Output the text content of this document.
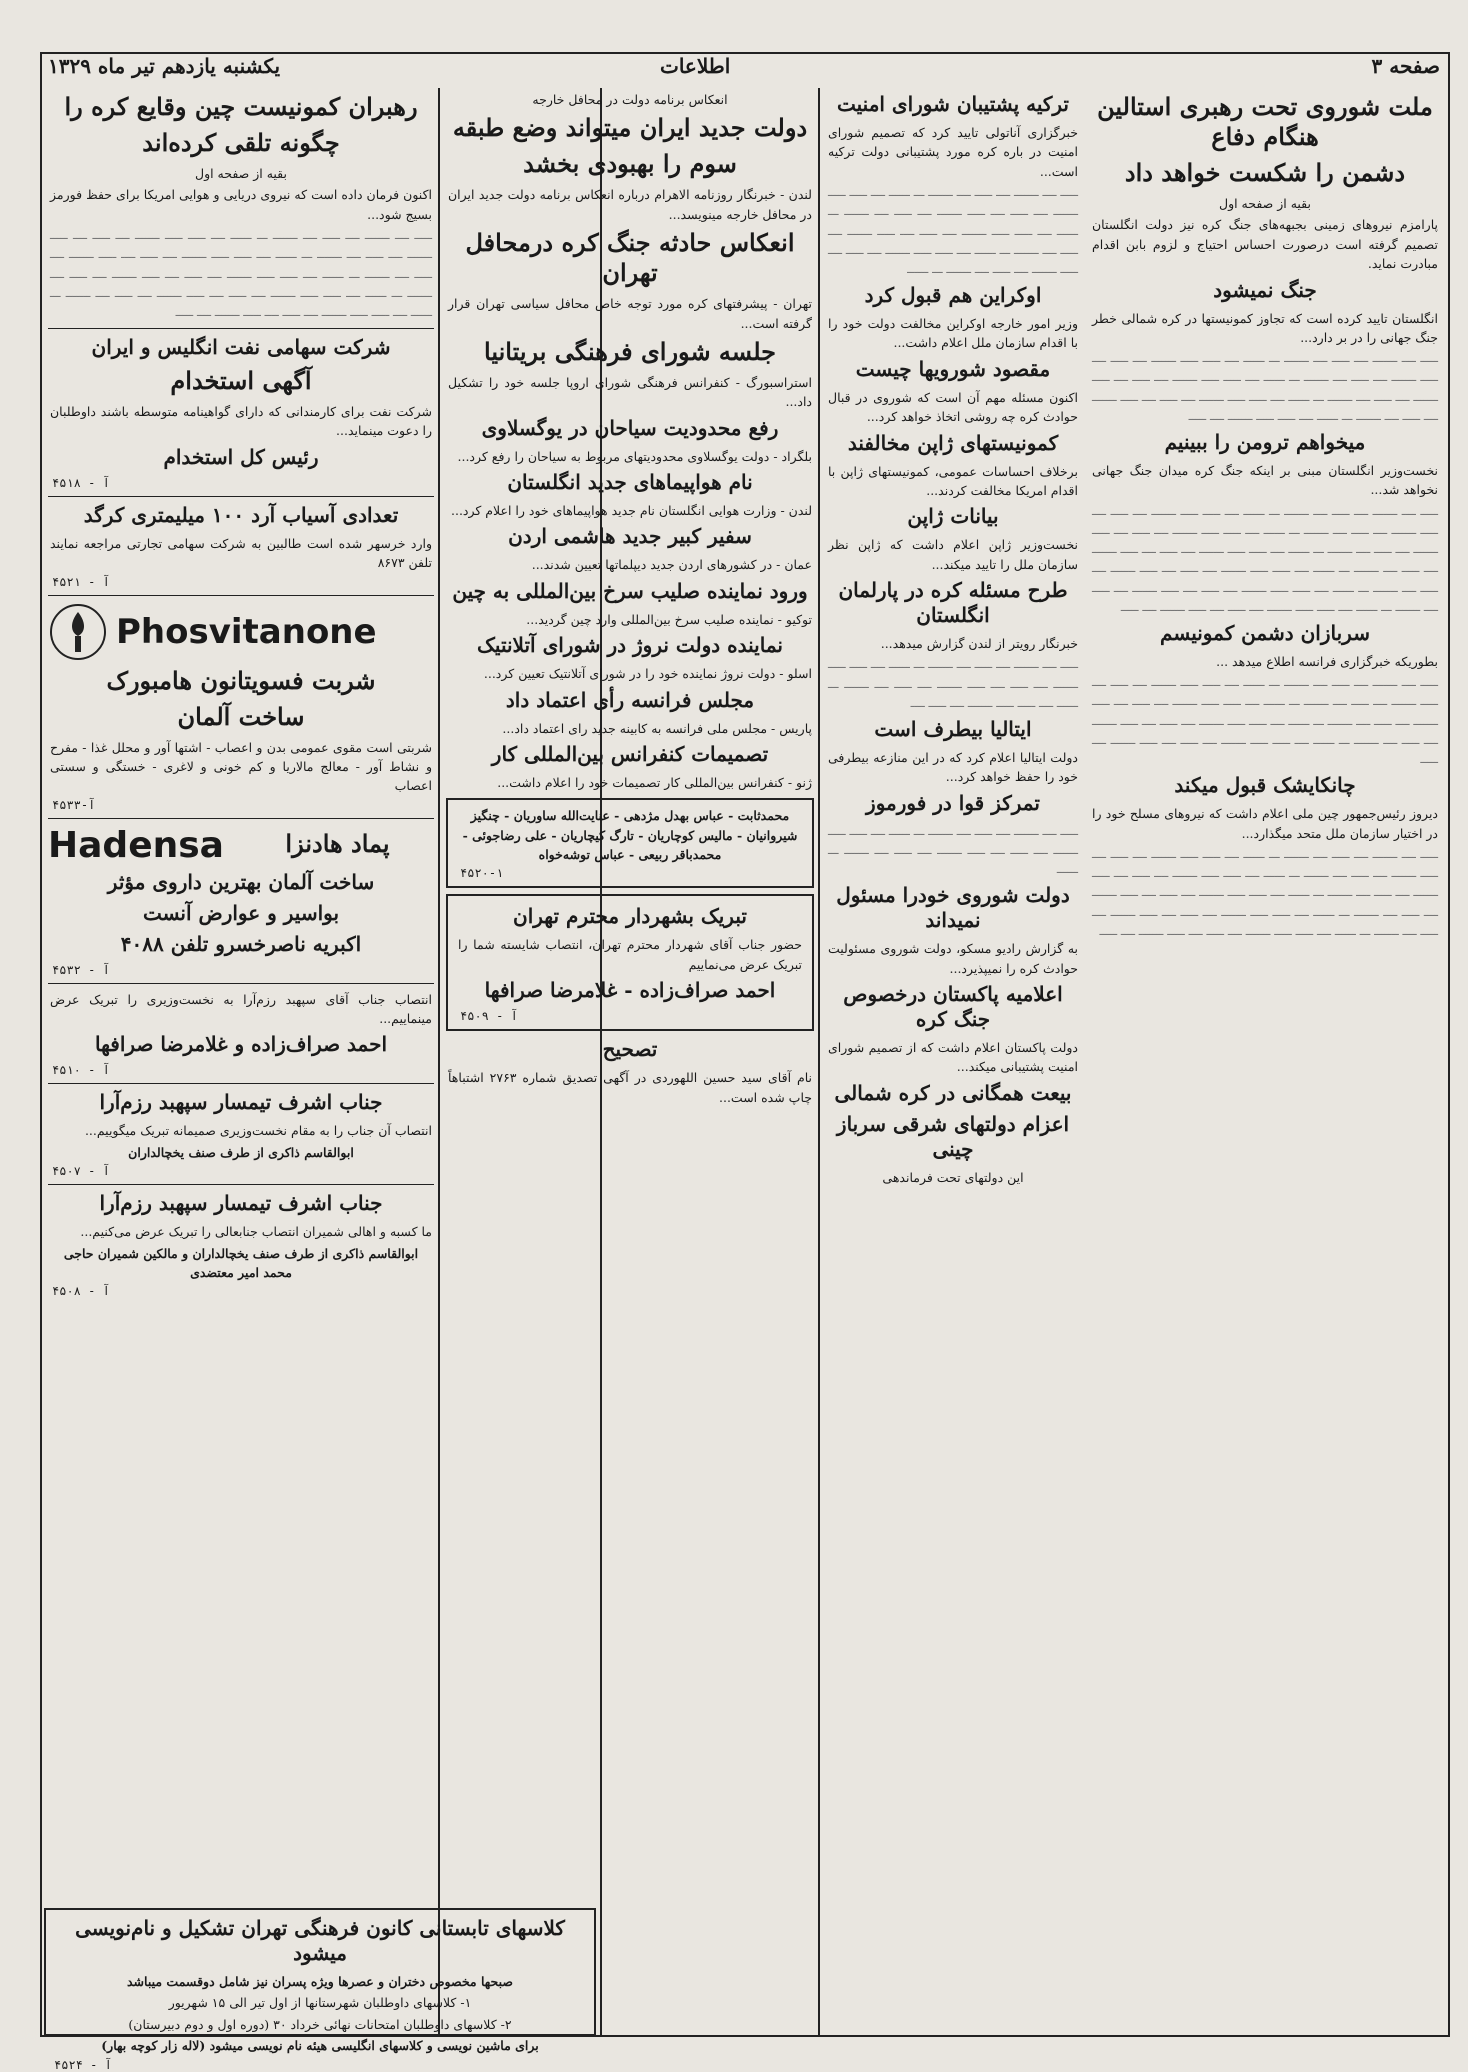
یکشنبه یازدهم تیر ماه ۱۳۲۹	اطلاعات	صفحه ۳
ملت شوروی تحت رهبری استالین هنگام دفاع
دشمن را شکست خواهد داد
بقیه از صفحه اول
پارامزم نیروهای زمینی بجبهه‌های جنگ کره نیز دولت انگلستان تصمیم گرفته است درصورت احساس احتیاج و لزوم بابن اقدام مبادرت نماید.
جنگ نمیشود
انگلستان تایید کرده است که تجاوز کمونیستها در کره شمالی خطر جنگ جهانی را در بر دارد...
ـــــ ــــ ـــــــ ــــ ـــــ ــــ ـــــــ ـــ ــــــ ــــ ـــــ ـــــ ـــــــ ــــ ـــــ ــــ ـــــ ـــــــ ــــ ـــــ ــــ ـــــــ ـــ ــــــ ــــ ـــــ ـــــ ـــــــ ــــ ـــــ ــــ ـــــ ـــــــ ــــ ـــــ ــــ ـــــــ ـــ ــــــ ــــ ـــــ ـــــ ـــــــ ــــ ـــــ ــــ ـــــ ـــــــ ــــ ـــــ ــــ ـــــــ ـــ ــــــ ــــ ـــــ ـــــ ـــــــ ــــ ـــــ
میخواهم ترومن را ببینیم
نخست‌وزیر انگلستان مبنی بر اینکه جنگ کره میدان جنگ جهانی نخواهد شد...
ـــــ ــــ ـــــــ ــــ ـــــ ــــ ـــــــ ـــ ــــــ ــــ ـــــ ـــــ ـــــــ ــــ ـــــ ــــ ـــــ ـــــــ ــــ ـــــ ــــ ـــــــ ـــ ــــــ ــــ ـــــ ـــــ ـــــــ ــــ ـــــ ــــ ـــــ ـــــــ ــــ ـــــ ــــ ـــــــ ـــ ــــــ ــــ ـــــ ـــــ ـــــــ ــــ ـــــ ــــ ـــــ ـــــــ ــــ ـــــ ــــ ـــــــ ـــ ــــــ ــــ ـــــ ـــــ ـــــــ ــــ ـــــ ــــ ـــــ ـــــــ ــــ ـــــ ــــ ـــــــ ـــ ــــــ ــــ ـــــ ـــــ ـــــــ ــــ ـــــ ــــ ـــــ ـــــــ ــــ ـــــ ــــ ـــــــ ـــ ــــــ ــــ ـــــ ـــــ ـــــــ ــــ ـــــ ــــ ـــــ ـــــــ ــــ ـــــ
سربازان دشمن کمونیسم
بطوریکه خبرگزاری فرانسه اطلاع میدهد ...
ـــــ ــــ ـــــــ ــــ ـــــ ــــ ـــــــ ـــ ــــــ ــــ ـــــ ـــــ ـــــــ ــــ ـــــ ــــ ـــــ ـــــــ ــــ ـــــ ــــ ـــــــ ـــ ــــــ ــــ ـــــ ـــــ ـــــــ ــــ ـــــ ــــ ـــــ ـــــــ ــــ ـــــ ــــ ـــــــ ـــ ــــــ ــــ ـــــ ـــــ ـــــــ ــــ ـــــ ــــ ـــــ ـــــــ ــــ ـــــ ــــ ـــــــ ـــ ــــــ ــــ ـــــ ـــــ ـــــــ ــــ ـــــ ــــ ـــــ ـــــــ ــــ ـــــ
چانکایشک قبول میکند
دیروز رئیس‌جمهور چین ملی اعلام داشت که نیروهای مسلح خود را در اختیار سازمان ملل متحد میگذارد...
ـــــ ــــ ـــــــ ــــ ـــــ ــــ ـــــــ ـــ ــــــ ــــ ـــــ ـــــ ـــــــ ــــ ـــــ ــــ ـــــ ـــــــ ــــ ـــــ ــــ ـــــــ ـــ ــــــ ــــ ـــــ ـــــ ـــــــ ــــ ـــــ ــــ ـــــ ـــــــ ــــ ـــــ ــــ ـــــــ ـــ ــــــ ــــ ـــــ ـــــ ـــــــ ــــ ـــــ ــــ ـــــ ـــــــ ــــ ـــــ ــــ ـــــــ ـــ ــــــ ــــ ـــــ ـــــ ـــــــ ــــ ـــــ ــــ ـــــ ـــــــ ــــ ـــــ ــــ ـــــــ ـــ ــــــ ــــ ـــــ ـــــ ـــــــ ــــ ـــــ ــــ ـــــ ـــــــ ــــ ـــــ
ترکیه پشتیبان شورای امنیت
خبرگزاری آناتولی تایید کرد که تصمیم شورای امنیت در باره کره مورد پشتیبانی دولت ترکیه است...
ـــــ ــــ ـــــــ ــــ ـــــ ــــ ـــــــ ـــ ــــــ ــــ ـــــ ـــــ ـــــــ ــــ ـــــ ــــ ـــــ ـــــــ ــــ ـــــ ــــ ـــــــ ـــ ــــــ ــــ ـــــ ـــــ ـــــــ ــــ ـــــ ــــ ـــــ ـــــــ ــــ ـــــ ــــ ـــــــ ـــ ــــــ ــــ ـــــ ـــــ ـــــــ ــــ ـــــ ــــ ـــــ ـــــــ ــــ ـــــ ــــ ـــــــ ـــ ــــــ
اوکراین هم قبول کرد
وزیر امور خارجه اوکراین مخالفت دولت خود را با اقدام سازمان ملل اعلام داشت...
مقصود شورویها چیست
اکنون مسئله مهم آن است که شوروی در قبال حوادث کره چه روشی اتخاذ خواهد کرد...
کمونیستهای ژاپن مخالفند
برخلاف احساسات عمومی، کمونیستهای ژاپن با اقدام امریکا مخالفت کردند...
بیانات ژاپن
نخست‌وزیر ژاپن اعلام داشت که ژاپن نظر سازمان ملل را تایید میکند...
طرح مسئله کره در پارلمان انگلستان
خبرنگار رویتر از لندن گزارش میدهد...
ـــــ ــــ ـــــــ ــــ ـــــ ــــ ـــــــ ـــ ــــــ ــــ ـــــ ـــــ ـــــــ ــــ ـــــ ــــ ـــــ ـــــــ ــــ ـــــ ــــ ـــــــ ـــ ــــــ ــــ ـــــ ـــــ ـــــــ ــــ ـــــ ــــ
ایتالیا بیطرف است
دولت ایتالیا اعلام کرد که در این منازعه بیطرفی خود را حفظ خواهد کرد...
تمرکز قوا در فورموز
ـــــ ــــ ـــــــ ــــ ـــــ ــــ ـــــــ ـــ ــــــ ــــ ـــــ ـــــ ـــــــ ــــ ـــــ ــــ ـــــ ـــــــ ــــ ـــــ ــــ ـــــــ ـــ ــــــ
دولت شوروی خودرا مسئول نمیداند
به گزارش رادیو مسکو، دولت شوروی مسئولیت حوادث کره را نمیپذیرد...
اعلامیه پاکستان درخصوص جنگ کره
دولت پاکستان اعلام داشت که از تصمیم شورای امنیت پشتیبانی میکند...
بیعت همگانی در کره شمالی
اعزام دولتهای شرقی سرباز چینی
این دولتهای تحت فرماندهی
انعکاس برنامه دولت در محافل خارجه
دولت جدید ایران میتواند وضع طبقه
سوم را بهبودی بخشد
لندن - خبرنگار روزنامه الاهرام درباره انعکاس برنامه دولت جدید ایران در محافل خارجه مینویسد...
انعکاس حادثه جنگ کره درمحافل تهران
تهران - پیشرفتهای کره مورد توجه خاص محافل سیاسی تهران قرار گرفته است...
جلسه شورای فرهنگی بریتانیا
استراسبورگ - کنفرانس فرهنگی شورای اروپا جلسه خود را تشکیل داد...
رفع محدودیت سیاحان در یوگسلاوی
بلگراد - دولت یوگسلاوی محدودیتهای مربوط به سیاحان را رفع کرد...
نام هواپیماهای جدید انگلستان
لندن - وزارت هوایی انگلستان نام جدید هواپیماهای خود را اعلام کرد...
سفیر کبیر جدید هاشمی اردن
عمان - در کشورهای اردن جدید دیپلماتها تعیین شدند...
ورود نماینده صلیب سرخ بین‌المللی به چین
توکیو - نماینده صلیب سرخ بین‌المللی وارد چین گردید...
نماینده دولت نروژ در شورای آتلانتیک
اسلو - دولت نروژ نماینده خود را در شورای آتلانتیک تعیین کرد...
مجلس فرانسه رأی اعتماد داد
پاریس - مجلس ملی فرانسه به کابینه جدید رای اعتماد داد...
تصمیمات کنفرانس بین‌المللی کار
ژنو - کنفرانس بین‌المللی کار تصمیمات خود را اعلام داشت...
محمدثابت - عباس بهدل مژدهی - عنایت‌الله ساوریان - چنگیز شیروانیان - مالیس کوچاریان - تارگ کیچاریان - علی رضاجوئی - محمدباقر ربیعی - عباس توشه‌خواه
۴۵۲۰-۱
تبریک بشهردار محترم تهران
حضور جناب آقای شهردار محترم تهران، انتصاب شایسته شما را تبریک عرض می‌نماییم
احمد صراف‌زاده - غلامرضا صرافها
آ - ۴۵۰۹
تصحیح
نام آقای سید حسین اللهوردی در آگهی تصدیق شماره ۲۷۶۳ اشتباهاً چاپ شده است...
رهبران کمونیست چین وقایع کره را
چگونه تلقی کرده‌اند
بقیه از صفحه اول
اکنون فرمان داده است که نیروی دریایی و هوایی امریکا برای حفظ فورمز بسیج شود...
ـــــ ــــ ـــــــ ــــ ـــــ ــــ ـــــــ ـــ ــــــ ــــ ـــــ ـــــ ـــــــ ــــ ـــــ ــــ ـــــ ـــــــ ــــ ـــــ ــــ ـــــــ ـــ ــــــ ــــ ـــــ ـــــ ـــــــ ــــ ـــــ ــــ ـــــ ـــــــ ــــ ـــــ ــــ ـــــــ ـــ ــــــ ــــ ـــــ ـــــ ـــــــ ــــ ـــــ ــــ ـــــ ـــــــ ــــ ـــــ ــــ ـــــــ ـــ ــــــ ــــ ـــــ ـــــ ـــــــ ــــ ـــــ ــــ ـــــ ـــــــ ــــ ـــــ ــــ ـــــــ ـــ ــــــ ــــ ـــــ ـــــ ـــــــ ــــ ـــــ ــــ ـــــ ـــــــ ــــ ـــــ
شرکت سهامی نفت انگلیس و ایران
آگهی استخدام
شرکت نفت برای کارمندانی که دارای گواهینامه متوسطه باشند داوطلبان را دعوت مینماید...
رئیس کل استخدام
آ - ۴۵۱۸
تعدادی آسیاب آرد ۱۰۰ میلیمتری کرگد
وارد خرسهر شده است طالبین به شرکت سهامی تجارتی مراجعه نمایند تلفن ۸۶۷۳
آ - ۴۵۲۱
Phosvitanone
شربت فسویتانون هامبورک
ساخت آلمان
شربتی است مقوی عمومی بدن و اعصاب - اشتها آور و محلل غذا - مفرح و نشاط آور - معالج مالاریا و کم خونی و لاغری - خستگی و سستی اعصاب
۴۵۳۳-آ
Hadensa	پماد هادنزا
ساخت آلمان بهترین داروی مؤثر
بواسیر و عوارض آنست
اکبریه ناصرخسرو تلفن ۴۰۸۸
آ - ۴۵۳۲
انتصاب جناب آقای سپهبد رزم‌آرا به نخست‌وزیری را تبریک عرض مینماییم...
احمد صراف‌زاده و غلامرضا صرافها
آ - ۴۵۱۰
جناب اشرف تیمسار سپهبد رزم‌آرا
انتصاب آن جناب را به مقام نخست‌وزیری صمیمانه تبریک میگوییم...
ابوالقاسم ذاکری از طرف صنف یخچالداران
آ - ۴۵۰۷
جناب اشرف تیمسار سپهبد رزم‌آرا
ما کسبه و اهالی شمیران انتصاب جنابعالی را تبریک عرض می‌کنیم...
ابوالقاسم ذاکری از طرف صنف یخچالداران و مالکین شمیران حاجی محمد امیر معتضدی
آ - ۴۵۰۸
کلاسهای تابستانی کانون فرهنگی تهران تشکیل و نام‌نویسی میشود
صبحها مخصوص دختران و عصرها ویژه پسران نیز شامل دوقسمت میباشد
۱- کلاسهای داوطلبان شهرستانها از اول تیر الی ۱۵ شهریور
۲- کلاسهای داوطلبان امتحانات نهائی خرداد ۳۰ (دوره اول و دوم دبیرستان)
برای ماشین نویسی و کلاسهای انگلیسی هیئه نام نویسی میشود (لاله زار کوچه بهار)
آ - ۴۵۲۴
